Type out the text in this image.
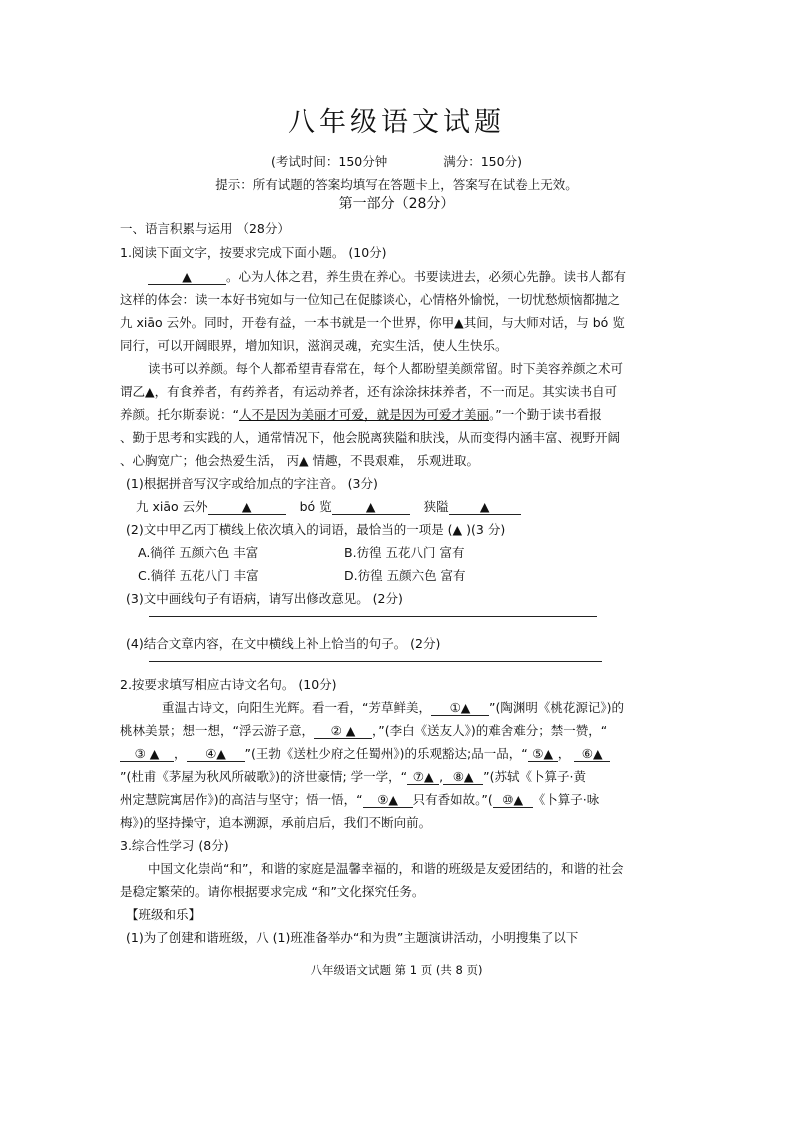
八年级语文试题
(考试时间：150分钟	满分：150分)
提示：所有试题的答案均填写在答题卡上，答案写在试卷上无效。
第一部分（28分）
一、语言积累与运用 （28分）
1.阅读下面文字，按要求完成下面小题。 (10分)
▲	。心为人体之君，养生贵在养心。书要读进去，必须心先静。读书人都有
这样的体会：读一本好书宛如与一位知己在促膝谈心，心情格外愉悦，一切忧愁烦恼都抛之
九 xiāo 云外。同时，开卷有益，一本书就是一个世界，你甲▲其间，与大师对话，与 bó 览
同行，可以开阔眼界，增加知识，滋润灵魂，充实生活，使人生快乐。
读书可以养颜。每个人都希望青春常在，每个人都盼望美颜常留。时下美容养颜之术可
谓乙▲，有食养者，有药养者，有运动养者，还有涂涂抹抹养者，不一而足。其实读书自可
养颜。托尔斯泰说：“人不是因为美丽才可爱，就是因为可爱才美丽。”一个勤于读书看报
、勤于思考和实践的人，通常情况下，他会脱离狭隘和肤浅，从而变得内涵丰富、视野开阔
、心胸宽广；他会热爱生活， 丙▲ 情趣，不畏艰难， 乐观进取。
(1)根据拼音写汉字或给加点的字注音。 (3分)
九 xiāo 云外	▲	bó 览	▲	狭隘 ▲
(2)文中甲乙丙丁横线上依次填入的词语，最恰当的一项是 (▲ )(3 分)
A.徜徉 五颜六色 丰富	B.彷徨 五花八门 富有
C.徜徉 五花八门 丰富	D.彷徨 五颜六色 富有
(3)文中画线句子有语病，请写出修改意见。 (2分)
(4)结合文章内容，在文中横线上补上恰当的句子。 (2分)
2.按要求填写相应古诗文名句。 (10分)
重温古诗文，向阳生光辉。看一看，“芳草鲜美， ①▲ ”(陶渊明《桃花源记》)的
桃林美景；想一想，“浮云游子意， ② ▲ ，”(李白《送友人》)的难舍难分；禁一赞，“
③ ▲ ， ④▲ ”(王勃《送杜少府之任蜀州》)的乐观豁达;品一品，“ ⑤▲ ， ⑥▲
”(杜甫《茅屋为秋风所破歌》)的济世豪情; 学一学，“ ⑦▲ , ⑧▲ ”(苏轼《卜算子·黄
州定慧院寓居作》)的高洁与坚守；悟一悟，“ ⑨▲ 只有香如故。”( ⑩▲ 《卜算子·咏
梅》)的坚持操守，追本溯源，承前启后，我们不断向前。
3.综合性学习 (8分)
中国文化崇尚“和”，和谐的家庭是温馨幸福的，和谐的班级是友爱团结的，和谐的社会
是稳定繁荣的。请你根据要求完成 “和”文化探究任务。
【班级和乐】
(1)为了创建和谐班级，八 (1)班准备举办“和为贵”主题演讲活动，小明搜集了以下
八年级语文试题 第 1 页 (共 8 页)
